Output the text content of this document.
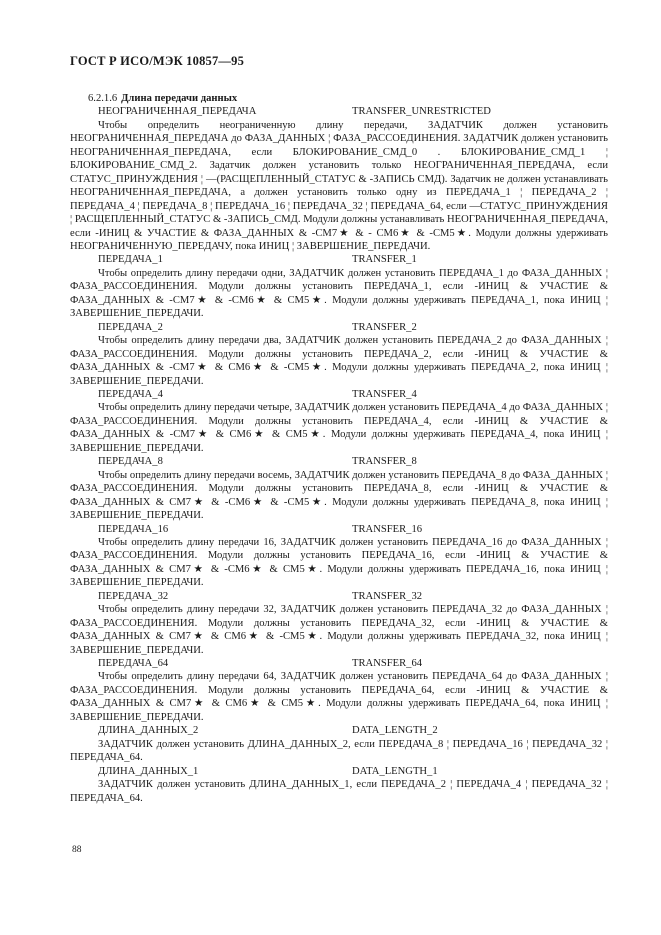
ГОСТ Р ИСО/МЭК 10857—95
6.2.1.6 Длина передачи данных
НЕОГРАНИЧЕННАЯ_ПЕРЕДАЧА	TRANSFER_UNRESTRICTED

Чтобы определить неограниченную длину передачи, ЗАДАТЧИК должен установить НЕОГРАНИЧЕННАЯ_ПЕРЕДАЧА до ФАЗА_ДАННЫХ ¦ ФАЗА_РАССОЕДИНЕНИЯ. ЗАДАТЧИК должен установить НЕОГРАНИЧЕННАЯ_ПЕРЕДАЧА, если БЛОКИРОВАНИЕ_СМД_0 . БЛОКИРОВАНИЕ_СМД_1 ¦ БЛОКИРОВАНИЕ_СМД_2. Задатчик должен установить только НЕОГРАНИЧЕННАЯ_ПЕРЕДАЧА, если СТАТУС_ПРИНУЖДЕНИЯ ¦ —(РАСЩЕПЛЕННЫЙ_СТАТУС & -ЗАПИСЬ СМД). Задатчик не должен устанавливать НЕОГРАНИЧЕННАЯ_ПЕРЕДАЧА, а должен установить только одну из ПЕРЕДАЧА_1 ¦ ПЕРЕДАЧА_2 ¦ ПЕРЕДАЧА_4 ¦ ПЕРЕДАЧА_8 ¦ ПЕРЕДАЧА_16 ¦ ПЕРЕДАЧА_32 ¦ ПЕРЕДАЧА_64, если —СТАТУС_ПРИНУЖДЕНИЯ ¦ РАСЩЕПЛЕННЫЙ_СТАТУС & -ЗАПИСЬ_СМД. Модули должны устанавливать НЕОГРАНИЧЕННАЯ_ПЕРЕДАЧА, если -ИНИЦ & УЧАСТИЕ & ФАЗА_ДАННЫХ & -СМ7★ & - СМ6★ & -СМ5★. Модули должны удерживать НЕОГРАНИЧЕННУЮ_ПЕРЕДАЧУ, пока ИНИЦ ¦ ЗАВЕРШЕНИЕ_ПЕРЕДАЧИ.

ПЕРЕДАЧА_1	TRANSFER_1

Чтобы определить длину передачи одни, ЗАДАТЧИК должен установить ПЕРЕДАЧА_1 до ФАЗА_ДАННЫХ ¦ ФАЗА_РАССОЕДИНЕНИЯ. Модули должны установить ПЕРЕДАЧА_1, если -ИНИЦ & УЧАСТИЕ & ФАЗА_ДАННЫХ & -СМ7★ & -СМ6★ & СМ5★. Модули должны удерживать ПЕРЕДАЧА_1, пока ИНИЦ ¦ ЗАВЕРШЕНИЕ_ПЕРЕДАЧИ.

ПЕРЕДАЧА_2	TRANSFER_2

Чтобы определить длину передачи два, ЗАДАТЧИК должен установить ПЕРЕДАЧА_2 до ФАЗА_ДАННЫХ ¦ ФАЗА_РАССОЕДИНЕНИЯ. Модули должны установить ПЕРЕДАЧА_2, если -ИНИЦ & УЧАСТИЕ & ФАЗА_ДАННЫХ & -СМ7★ & СМ6★ & -СМ5★. Модули должны удерживать ПЕРЕДАЧА_2, пока ИНИЦ ¦ ЗАВЕРШЕНИЕ_ПЕРЕДАЧИ.

ПЕРЕДАЧА_4	TRANSFER_4

Чтобы определить длину передачи четыре, ЗАДАТЧИК должен установить ПЕРЕДАЧА_4 до ФАЗА_ДАННЫХ ¦ ФАЗА_РАССОЕДИНЕНИЯ. Модули должны установить ПЕРЕДАЧА_4, если -ИНИЦ & УЧАСТИЕ & ФАЗА_ДАННЫХ & -СМ7★ & СМ6★ & СМ5★. Модули должны удерживать ПЕРЕДАЧА_4, пока ИНИЦ ¦ ЗАВЕРШЕНИЕ_ПЕРЕДАЧИ.

ПЕРЕДАЧА_8	TRANSFER_8

Чтобы определить длину передачи восемь, ЗАДАТЧИК должен установить ПЕРЕДАЧА_8 до ФАЗА_ДАННЫХ ¦ ФАЗА_РАССОЕДИНЕНИЯ. Модули должны установить ПЕРЕДАЧА_8, если -ИНИЦ & УЧАСТИЕ & ФАЗА_ДАННЫХ & СМ7★ & -СМ6★ & -СМ5★. Модули должны удерживать ПЕРЕДАЧА_8, пока ИНИЦ ¦ ЗАВЕРШЕНИЕ_ПЕРЕДАЧИ.

ПЕРЕДАЧА_16	TRANSFER_16

Чтобы определить длину передачи 16, ЗАДАТЧИК должен установить ПЕРЕДАЧА_16 до ФАЗА_ДАННЫХ ¦ ФАЗА_РАССОЕДИНЕНИЯ. Модули должны установить ПЕРЕДАЧА_16, если -ИНИЦ & УЧАСТИЕ & ФАЗА_ДАННЫХ & СМ7★ & -СМ6★ & СМ5★. Модули должны удерживать ПЕРЕДАЧА_16, пока ИНИЦ ¦ ЗАВЕРШЕНИЕ_ПЕРЕДАЧИ.

ПЕРЕДАЧА_32	TRANSFER_32

Чтобы определить длину передачи 32, ЗАДАТЧИК должен установить ПЕРЕДАЧА_32 до ФАЗА_ДАННЫХ ¦ ФАЗА_РАССОЕДИНЕНИЯ. Модули должны установить ПЕРЕДАЧА_32, если -ИНИЦ & УЧАСТИЕ & ФАЗА_ДАННЫХ & СМ7★ & СМ6★ & -СМ5★. Модули должны удерживать ПЕРЕДАЧА_32, пока ИНИЦ ¦ ЗАВЕРШЕНИЕ_ПЕРЕДАЧИ.

ПЕРЕДАЧА_64	TRANSFER_64

Чтобы определить длину передачи 64, ЗАДАТЧИК должен установить ПЕРЕДАЧА_64 до ФАЗА_ДАННЫХ ¦ ФАЗА_РАССОЕДИНЕНИЯ. Модули должны установить ПЕРЕДАЧА_64, если -ИНИЦ & УЧАСТИЕ & ФАЗА_ДАННЫХ & СМ7★ & СМ6★ & СМ5★. Модули должны удерживать ПЕРЕДАЧА_64, пока ИНИЦ ¦ ЗАВЕРШЕНИЕ_ПЕРЕДАЧИ.

ДЛИНА_ДАННЫХ_2	DATA_LENGTH_2

ЗАДАТЧИК должен установить ДЛИНА_ДАННЫХ_2, если ПЕРЕДАЧА_8 ¦ ПЕРЕДАЧА_16 ¦ ПЕРЕДАЧА_32 ¦ ПЕРЕДАЧА_64.

ДЛИНА_ДАННЫХ_1	DATA_LENGTH_1

ЗАДАТЧИК должен установить ДЛИНА_ДАННЫХ_1, если ПЕРЕДАЧА_2 ¦ ПЕРЕДАЧА_4 ¦ ПЕРЕДАЧА_32 ¦ ПЕРЕДАЧА_64.

88
